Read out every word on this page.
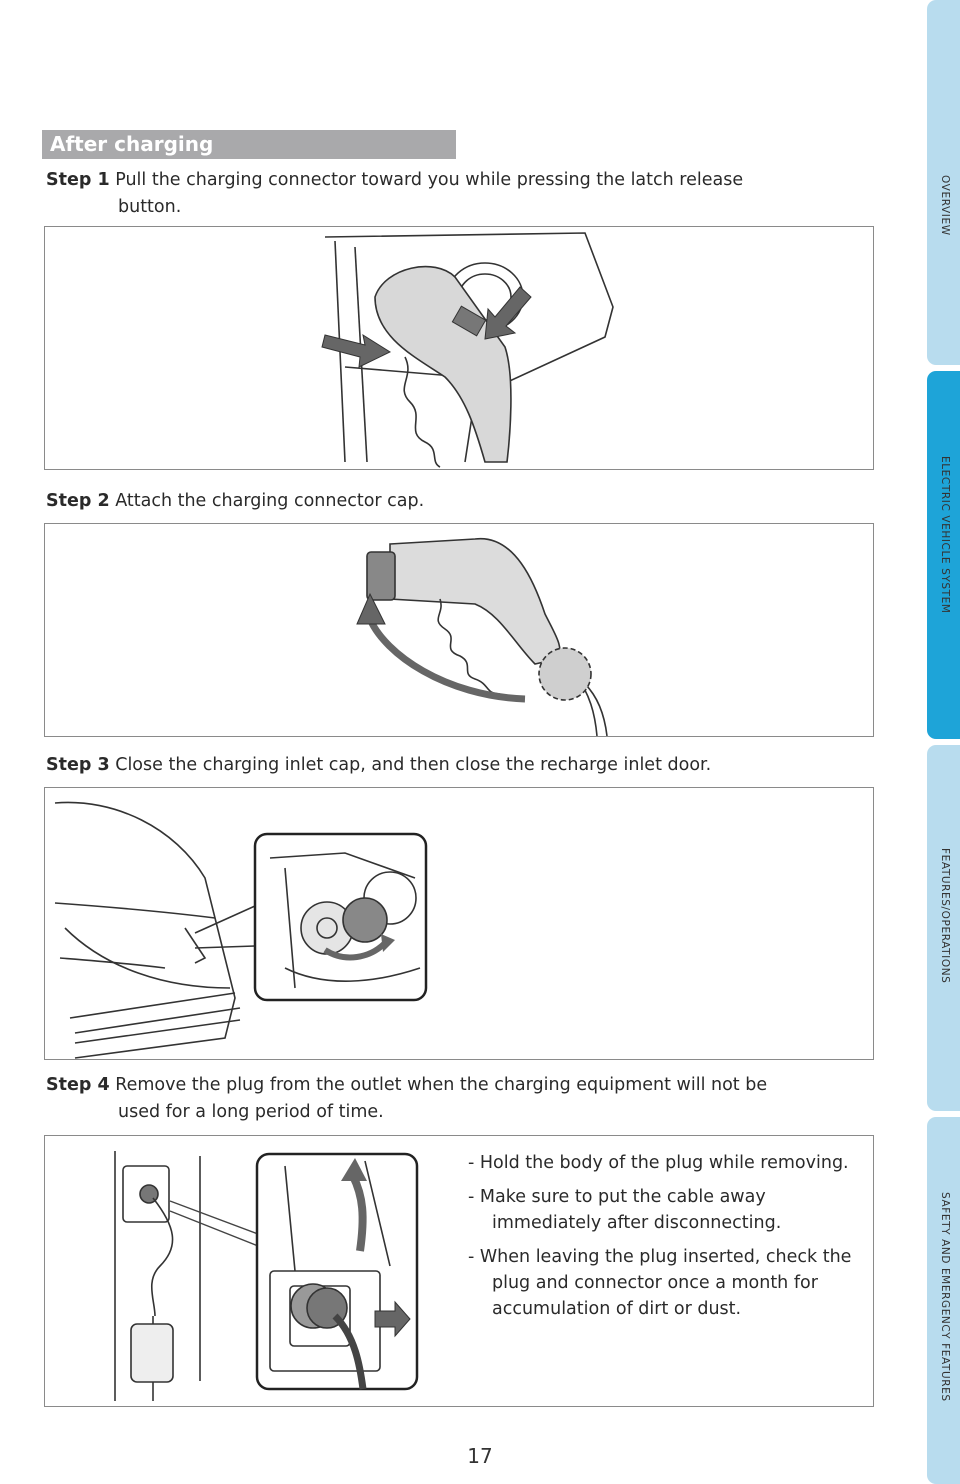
After charging
Step 1 Pull the charging connector toward you while pressing the latch release
button.
Step 2 Attach the charging connector cap.
Step 3 Close the charging inlet cap, and then close the recharge inlet door.
Step 4 Remove the plug from the outlet when the charging equipment will not be
used for a long period of time.
- Hold the body of the plug while removing.
- Make sure to put the cable away immediately after disconnecting.
- When leaving the plug inserted, check the plug and connector once a month for accumulation of dirt or dust.
OVERVIEW
ELECTRIC VEHICLE SYSTEM
FEATURES/OPERATIONS
SAFETY AND EMERGENCY FEATURES
17
